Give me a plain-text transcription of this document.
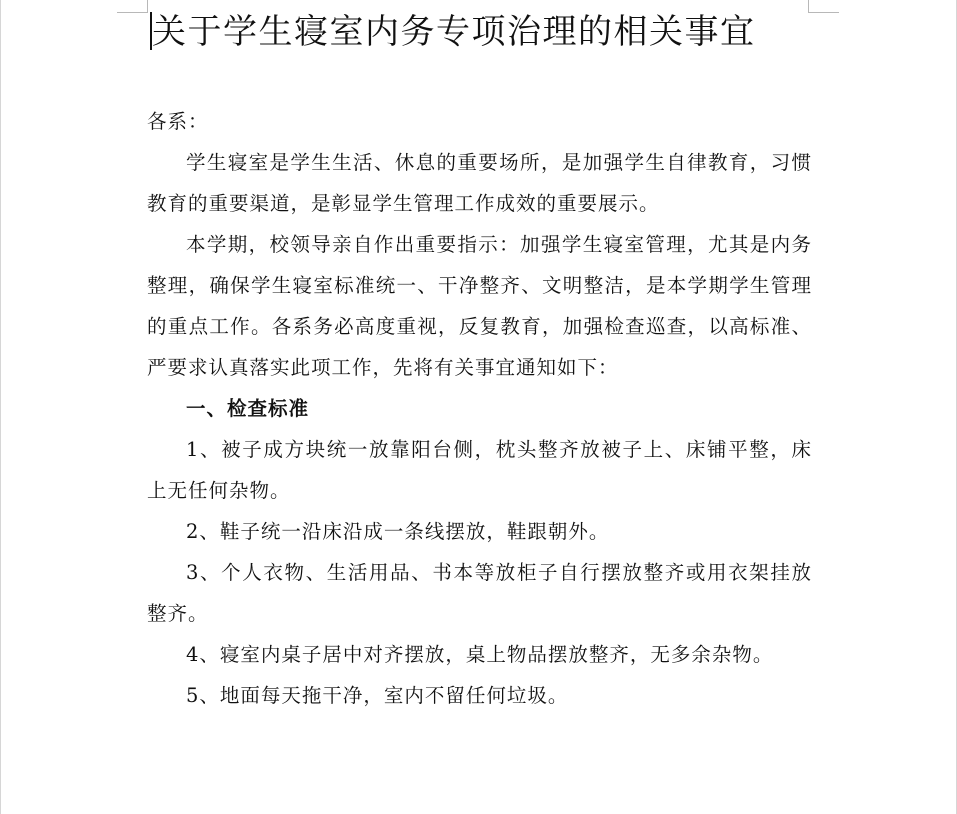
关于学生寝室内务专项治理的相关事宜

各系：

学生寝室是学生生活、休息的重要场所，是加强学生自律教育，习惯教育的重要渠道，是彰显学生管理工作成效的重要展示。

本学期，校领导亲自作出重要指示：加强学生寝室管理，尤其是内务整理，确保学生寝室标准统一、干净整齐、文明整洁，是本学期学生管理的重点工作。各系务必高度重视，反复教育，加强检查巡查，以高标准、严要求认真落实此项工作，先将有关事宜通知如下：

一、检查标准

1、被子成方块统一放靠阳台侧，枕头整齐放被子上、床铺平整，床上无任何杂物。

2、鞋子统一沿床沿成一条线摆放，鞋跟朝外。

3、个人衣物、生活用品、书本等放柜子自行摆放整齐或用衣架挂放整齐。

4、寝室内桌子居中对齐摆放，桌上物品摆放整齐，无多余杂物。

5、地面每天拖干净，室内不留任何垃圾。
